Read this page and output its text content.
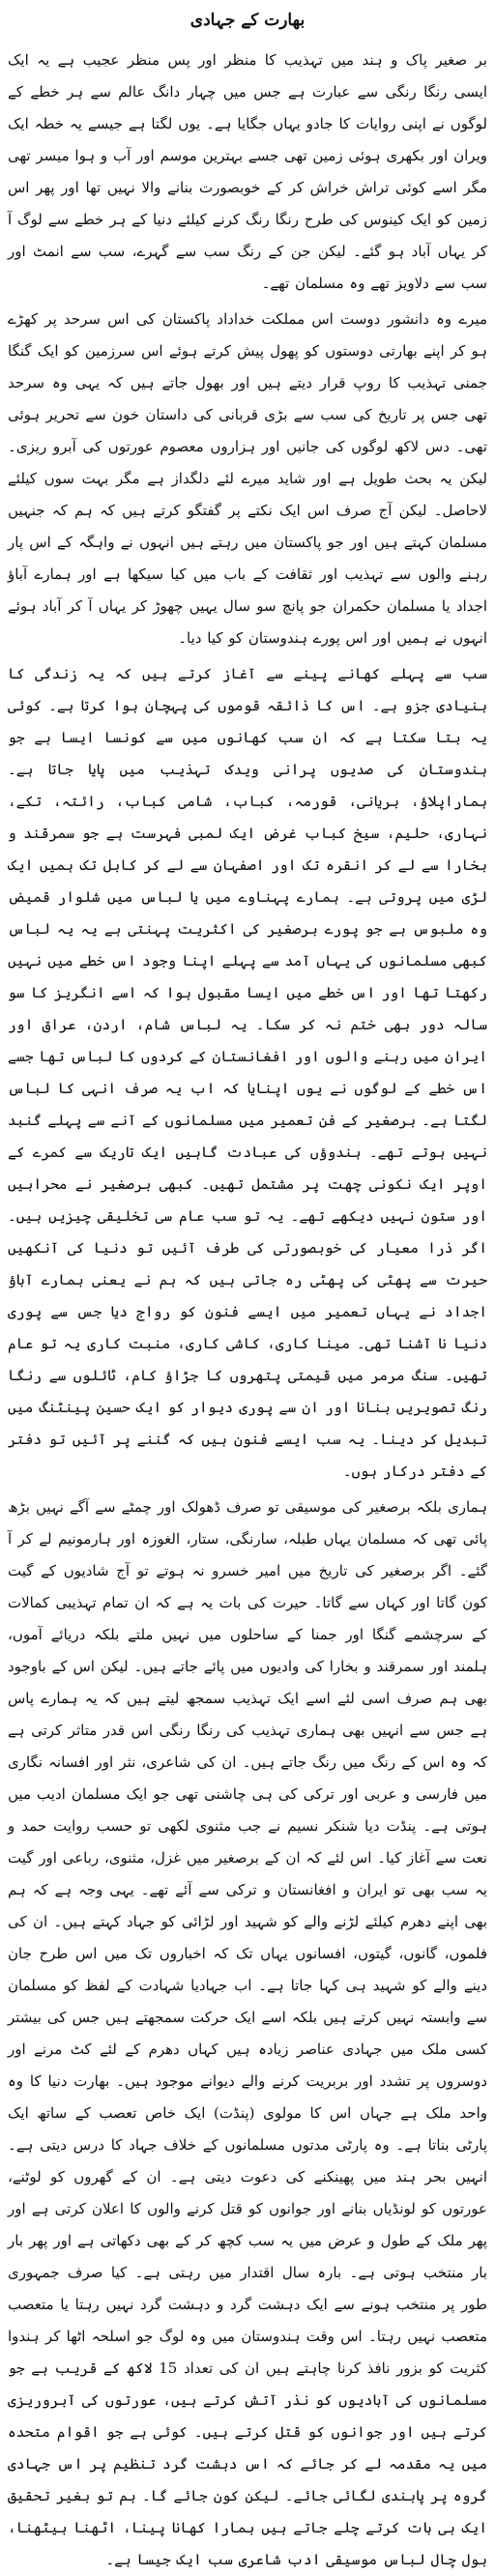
بھارت کے جہادی

بر صغیر پاک و ہند میں تہذیب کا منظر اور پس منظر عجیب ہے یہ ایک ایسی رنگا رنگی سے عبارت ہے جس میں چہار دانگ عالم سے ہر خطے کے لوگوں نے اپنی روایات کا جادو یہاں جگایا ہے۔ یوں لگتا ہے جیسے یہ خطہ ایک ویران اور بکھری ہوئی زمین تھی جسے بہترین موسم اور آب و ہوا میسر تھی مگر اسے کوئی تراش خراش کر کے خوبصورت بنانے والا نہیں تھا اور پھر اس زمین کو ایک کینوس کی طرح رنگا رنگ کرنے کیلئے دنیا کے ہر خطے سے لوگ آ کر یہاں آباد ہو گئے۔ لیکن جن کے رنگ سب سے گہرے، سب سے انمٹ اور سب سے دلاویز تھے وہ مسلمان تھے۔

میرے وہ دانشور دوست اس مملکت خداداد پاکستان کی اس سرحد پر کھڑے ہو کر اپنے بھارتی دوستوں کو پھول پیش کرتے ہوئے اس سرزمین کو ایک گنگا جمنی تہذیب کا روپ قرار دیتے ہیں اور بھول جاتے ہیں کہ یہی وہ سرحد تھی جس پر تاریخ کی سب سے بڑی قربانی کی داستان خون سے تحریر ہوئی تھی۔ دس لاکھ لوگوں کی جانیں اور ہزاروں معصوم عورتوں کی آبرو ریزی۔ لیکن یہ بحث طویل ہے اور شاید میرے لئے دلگداز ہے مگر بہت سوں کیلئے لاحاصل۔ لیکن آج صرف اس ایک نکتے پر گفتگو کرتے ہیں کہ ہم کہ جنہیں مسلمان کہتے ہیں اور جو پاکستان میں رہتے ہیں انہوں نے واہگہ کے اس پار رہنے والوں سے تہذیب اور ثقافت کے باب میں کیا سیکھا ہے اور ہمارے آباؤ اجداد یا مسلمان حکمران جو پانچ سو سال یہیں چھوڑ کر یہاں آ کر آباد ہوئے انہوں نے ہمیں اور اس پورے ہندوستان کو کیا دیا۔

سب سے پہلے کھانے پینے سے آغاز کرتے ہیں کہ یہ زندگی کا بنیادی جزو ہے۔ اس کا ذائقہ قوموں کی پہچان ہوا کرتا ہے۔ کوئی یہ بتا سکتا ہے کہ ان سب کھانوں میں سے کونسا ایسا ہے جو ہندوستان کی صدیوں پرانی ویدک تہذیب میں پایا جاتا ہے۔ ہماراپلاؤ، بریانی، قورمہ، کباب، شامی کباب، رائتہ، تکے، نہاری، حلیم، سیخ کباب غرض ایک لمبی فہرست ہے جو سمرقند و بخارا سے لے کر انقرہ تک اور اصفہان سے لے کر کابل تک ہمیں ایک لڑی میں پروتی ہے۔ ہمارے پہناوے میں یا لباس میں شلوار قمیض وہ ملبوس ہے جو پورے برصغیر کی اکثریت پہنتی ہے یہ یہ لباس کبھی مسلمانوں کی یہاں آمد سے پہلے اپنا وجود اس خطے میں نہیں رکھتا تھا اور اس خطے میں ایسا مقبول ہوا کہ اسے انگریز کا سو سالہ دور بھی ختم نہ کر سکا۔ یہ لباس شام، اردن، عراق اور ایران میں رہنے والوں اور افغانستان کے کردوں کا لباس تھا جسے اس خطے کے لوگوں نے یوں اپنایا کہ اب یہ صرف انہی کا لباس لگتا ہے۔ برصغیر کے فن تعمیر میں مسلمانوں کے آنے سے پہلے گنبد نہیں ہوتے تھے۔ ہندوؤں کی عبادت گاہیں ایک تاریک سے کمرے کے اوپر ایک نکونی چھت پر مشتمل تھیں۔ کبھی برصغیر نے محرابیں اور ستون نہیں دیکھے تھے۔ یہ تو سب عام سی تخلیقی چیزیں ہیں۔ اگر ذرا معیار کی خوبصورتی کی طرف آئیں تو دنیا کی آنکھیں حیرت سے پھٹی کی پھٹی رہ جاتی ہیں کہ ہم نے یعنی ہمارے آباؤ اجداد نے یہاں تعمیر میں ایسے فنون کو رواج دیا جس سے پوری دنیا نا آشنا تھی۔ مینا کاری، کاشی کاری، منبت کاری یہ تو عام تھیں۔ سنگ مرمر میں قیمتی پتھروں کا جڑاؤ کام، ٹائلوں سے رنگا رنگ تصویریں بنانا اور ان سے پوری دیوار کو ایک حسین پینٹنگ میں تبدیل کر دینا۔ یہ سب ایسے فنون ہیں کہ گننے پر آئیں تو دفتر کے دفتر درکار ہوں۔

ہماری بلکہ برصغیر کی موسیقی تو صرف ڈھولک اور چمٹے سے آگے نہیں بڑھ پائی تھی کہ مسلمان یہاں طبلہ، سارنگی، ستار، الغوزہ اور ہارمونیم لے کر آ گئے۔ اگر برصغیر کی تاریخ میں امیر خسرو نہ ہوتے تو آج شادیوں کے گیت کون گاتا اور کہاں سے گاتا۔ حیرت کی بات یہ ہے کہ ان تمام تہذیبی کمالات کے سرچشمے گنگا اور جمنا کے ساحلوں میں نہیں ملتے بلکہ دریائے آموں، ہلمند اور سمرقند و بخارا کی وادیوں میں پائے جاتے ہیں۔ لیکن اس کے باوجود بھی ہم صرف اسی لئے اسے ایک تہذیب سمجھ لیتے ہیں کہ یہ ہمارے پاس ہے جس سے انہیں بھی ہماری تہذیب کی رنگا رنگی اس قدر متاثر کرتی ہے کہ وہ اس کے رنگ میں رنگ جاتے ہیں۔ ان کی شاعری، نثر اور افسانہ نگاری میں فارسی و عربی اور ترکی کی ہی چاشنی تھی جو ایک مسلمان ادیب میں ہوتی ہے۔ پنڈت دیا شنکر نسیم نے جب مثنوی لکھی تو حسب روایت حمد و نعت سے آغاز کیا۔ اس لئے کہ ان کے برصغیر میں غزل، مثنوی، رباعی اور گیت یہ سب بھی تو ایران و افغانستان و ترکی سے آئے تھے۔ یہی وجہ ہے کہ ہم بھی اپنے دھرم کیلئے لڑنے والے کو شہید اور لڑائی کو جہاد کہتے ہیں۔ ان کی فلموں، گانوں، گیتوں، افسانوں یہاں تک کہ اخباروں تک میں اس طرح جان دینے والے کو شہید ہی کہا جاتا ہے۔ اب جہادیا شہادت کے لفظ کو مسلمان سے وابستہ نہیں کرتے ہیں بلکہ اسے ایک حرکت سمجھتے ہیں جس کی بیشتر کسی ملک میں جہادی عناصر زیادہ ہیں کہاں دھرم کے لئے کٹ مرنے اور دوسروں پر تشدد اور بربریت کرنے والے دیوانے موجود ہیں۔ بھارت دنیا کا وہ واحد ملک ہے جہاں اس کا مولوی (پنڈت) ایک خاص تعصب کے ساتھ ایک پارٹی بناتا ہے۔ وہ پارٹی مدتوں مسلمانوں کے خلاف جہاد کا درس دیتی ہے۔ انہیں بحر ہند میں پھینکنے کی دعوت دیتی ہے۔ ان کے گھروں کو لوٹنے، عورتوں کو لونڈیاں بنانے اور جوانوں کو قتل کرنے والوں کا اعلان کرتی ہے اور پھر ملک کے طول و عرض میں یہ سب کچھ کر کے بھی دکھاتی ہے اور پھر بار بار منتخب ہوتی ہے۔ بارہ سال اقتدار میں رہتی ہے۔ کیا صرف جمہوری طور پر منتخب ہونے سے ایک دہشت گرد و دہشت گرد نہیں رہتا یا متعصب متعصب نہیں رہتا۔ اس وقت ہندوستان میں وہ لوگ جو اسلحہ اٹھا کر ہندوا کثریت کو بزور نافذ کرنا چاہتے ہیں ان کی تعداد 15 لاکھ کے قریب ہے جو مسلمانوں کی آبادیوں کو نذر آتش کرتے ہیں، عورتوں کی آبروریزی کرتے ہیں اور جوانوں کو قتل کرتے ہیں۔ کوئی ہے جو اقوام متحدہ میں یہ مقدمہ لے کر جائے کہ اس دہشت گرد تنظیم پر اس جہادی گروہ پر پابندی لگائی جائے۔ لیکن کون جائے گا۔ ہم تو بغیر تحقیق ایک ہی بات کرتے چلے جاتے ہیں ہمارا کھانا پینا، اٹھنا بیٹھنا، بول چال لباس موسیقی ادب شاعری سب ایک جیسا ہے۔
